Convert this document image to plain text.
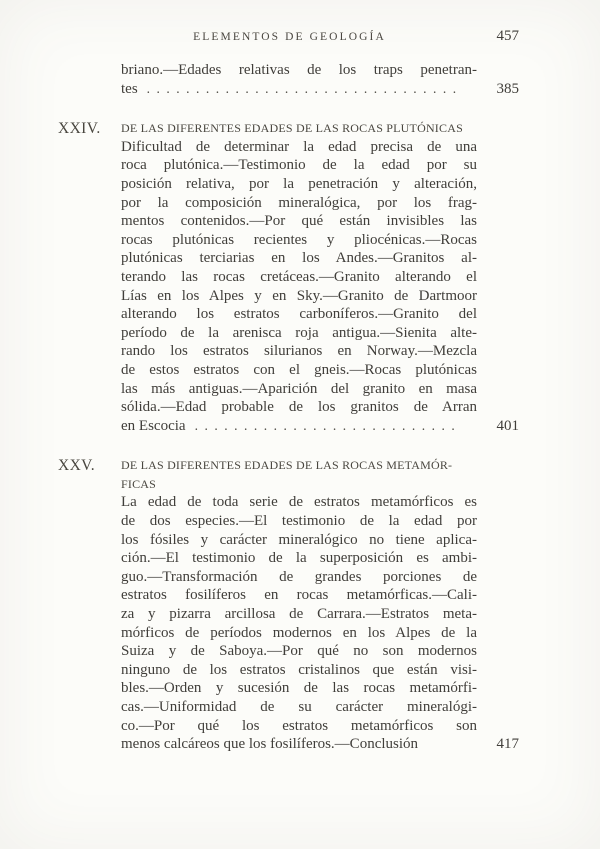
ELEMENTOS DE GEOLOGÍA	457
briano.—Edades relativas de los traps penetran-
tes .....	385
XXIV.	DE LAS DIFERENTES EDADES DE LAS ROCAS PLUTÓNICAS
Dificultad de determinar la edad precisa de una
roca plutónica.—Testimonio de la edad por su
posición relativa, por la penetración y alteración,
por la composición mineralógica, por los frag-
mentos contenidos.—Por qué están invisibles las
rocas plutónicas recientes y pliocénicas.—Rocas
plutónicas terciarias en los Andes.—Granitos al-
terando las rocas cretáceas.—Granito alterando el
Lías en los Alpes y en Sky.—Granito de Dartmoor
alterando los estratos carboníferos.—Granito del
período de la arenisca roja antigua.—Sienita alte-
rando los estratos silurianos en Norway.—Mezcla
de estos estratos con el gneis.—Rocas plutónicas
las más antiguas.—Aparición del granito en masa
sólida.—Edad probable de los granitos de Arran
en Escocia .....	401
XXV.	DE LAS DIFERENTES EDADES DE LAS ROCAS METAMÓR-
FICAS
La edad de toda serie de estratos metamórficos es
de dos especies.—El testimonio de la edad por
los fósiles y carácter mineralógico no tiene aplica-
ción.—El testimonio de la superposición es ambi-
guo.—Transformación de grandes porciones de
estratos fosilíferos en rocas metamórficas.—Cali-
za y pizarra arcillosa de Carrara.—Estratos meta-
mórficos de períodos modernos en los Alpes de la
Suiza y de Saboya.—Por qué no son modernos
ninguno de los estratos cristalinos que están visi-
bles.—Orden y sucesión de las rocas metamórfi-
cas.—Uniformidad de su carácter mineralógi-
co.—Por qué los estratos metamórficos son
menos calcáreos que los fosilíferos.—Conclusión	417
